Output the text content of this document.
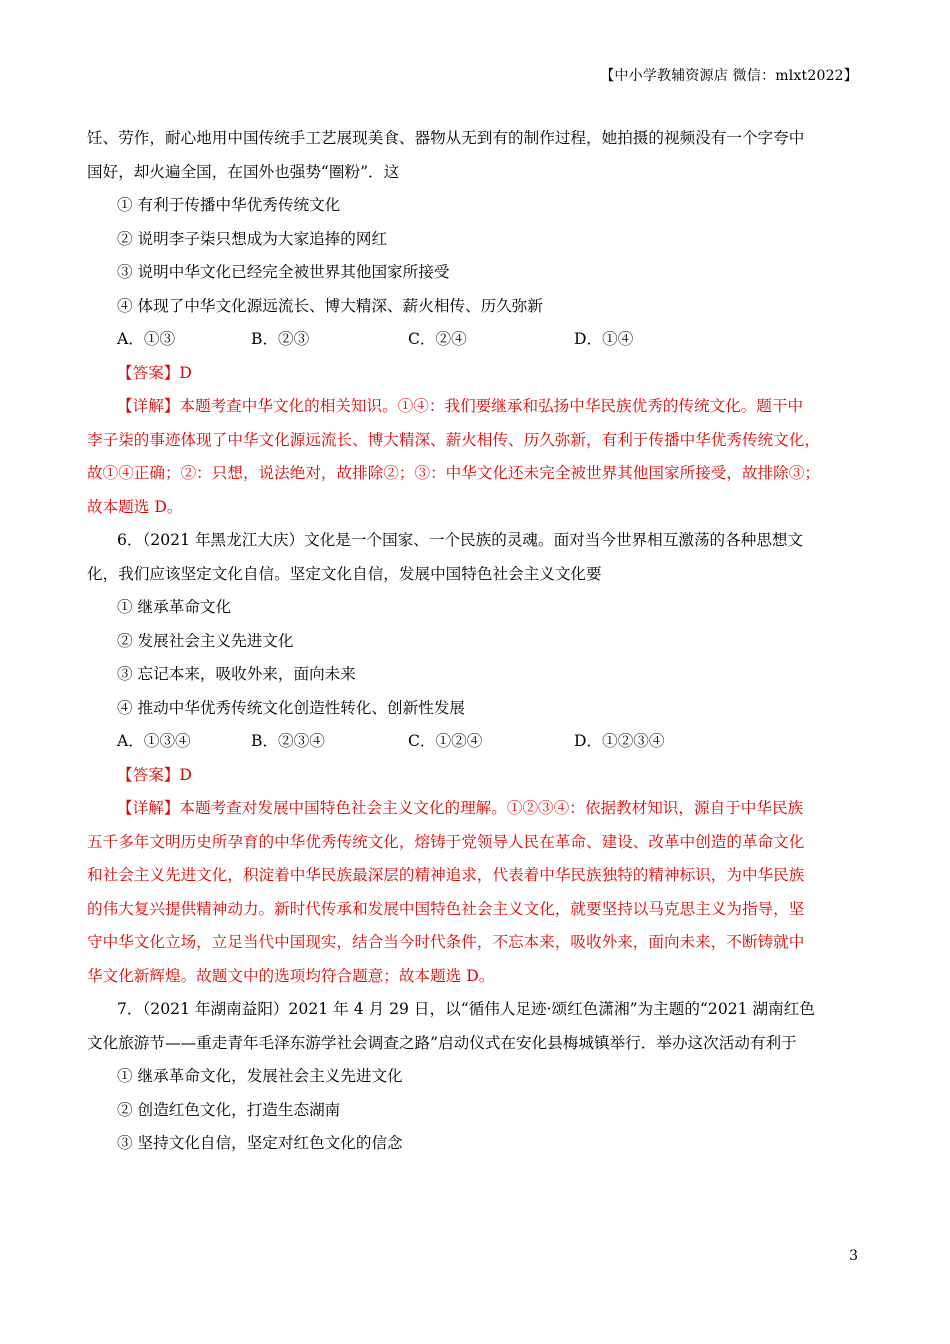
【中小学教辅资源店 微信：mlxt2022】
饪、劳作，耐心地用中国传统手工艺展现美食、器物从无到有的制作过程，她拍摄的视频没有一个字夸中
国好，却火遍全国，在国外也强势“圈粉”．这
① 有利于传播中华优秀传统文化
② 说明李子柒只想成为大家追捧的网红
③ 说明中华文化已经完全被世界其他国家所接受
④ 体现了中华文化源远流长、博大精深、薪火相传、历久弥新
A．①③	B．②③	C．②④	D．①④
【答案】D
【详解】本题考查中华文化的相关知识。①④：我们要继承和弘扬中华民族优秀的传统文化。题干中
李子柒的事迹体现了中华文化源远流长、博大精深、薪火相传、历久弥新，有利于传播中华优秀传统文化，
故①④正确；②：只想，说法绝对，故排除②；③：中华文化还未完全被世界其他国家所接受，故排除③；
故本题选 D。
6．（2021 年黑龙江大庆）文化是一个国家、一个民族的灵魂。面对当今世界相互激荡的各种思想文
化，我们应该坚定文化自信。坚定文化自信，发展中国特色社会主义文化要
① 继承革命文化
② 发展社会主义先进文化
③ 忘记本来，吸收外来，面向未来
④ 推动中华优秀传统文化创造性转化、创新性发展
A．①③④	B．②③④	C．①②④	D．①②③④
【答案】D
【详解】本题考查对发展中国特色社会主义文化的理解。①②③④：依据教材知识，源自于中华民族
五千多年文明历史所孕育的中华优秀传统文化，熔铸于党领导人民在革命、建设、改革中创造的革命文化
和社会主义先进文化，积淀着中华民族最深层的精神追求，代表着中华民族独特的精神标识，为中华民族
的伟大复兴提供精神动力。新时代传承和发展中国特色社会主义文化，就要坚持以马克思主义为指导，坚
守中华文化立场，立足当代中国现实，结合当今时代条件，不忘本来，吸收外来，面向未来，不断铸就中
华文化新辉煌。故题文中的选项均符合题意；故本题选 D。
7．（2021 年湖南益阳）2021 年 4 月 29 日，以“循伟人足迹·颂红色潇湘”为主题的“2021 湖南红色
文化旅游节——重走青年毛泽东游学社会调查之路”启动仪式在安化县梅城镇举行．举办这次活动有利于
① 继承革命文化，发展社会主义先进文化
② 创造红色文化，打造生态湖南
③ 坚持文化自信，坚定对红色文化的信念
3
